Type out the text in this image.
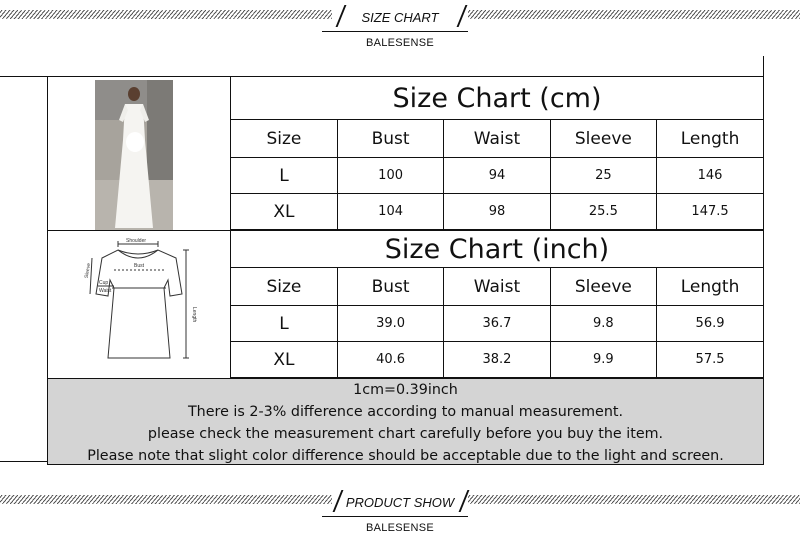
SIZE CHART
BALESENSE
Size Chart (cm)				
Size	Bust	Waist	Sleeve	Length
L	100	94	25	146
XL	104	98	25.5	147.5
Shoulder
Bust
Sleeve
Cup
Waist
Length
Size Chart (inch)				
Size	Bust	Waist	Sleeve	Length
L	39.0	36.7	9.8	56.9
XL	40.6	38.2	9.9	57.5
1cm=0.39inch
There is 2-3% difference according to manual measurement.
please check the measurement chart carefully before you buy the item.
Please note that slight color difference should be acceptable due to the light and screen.
PRODUCT SHOW
BALESENSE
